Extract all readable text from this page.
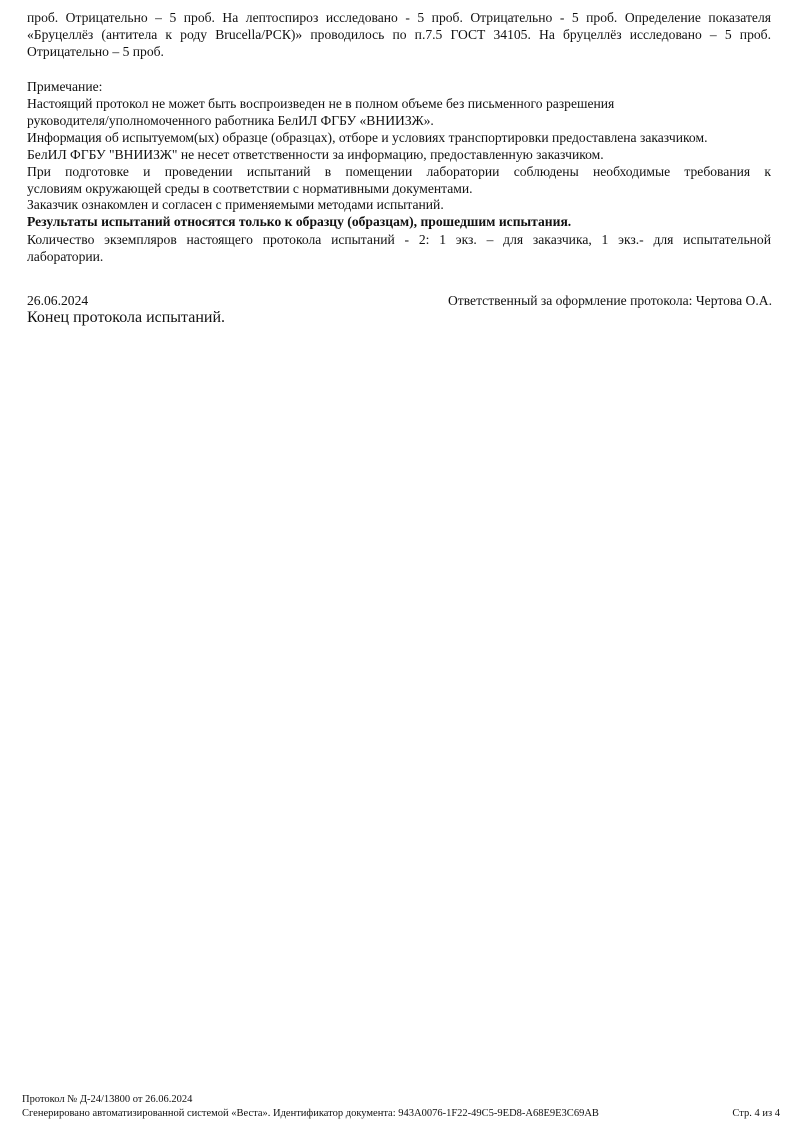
проб. Отрицательно – 5 проб. На лептоспироз исследовано - 5 проб. Отрицательно - 5 проб. Определение показателя
«Бруцеллёз (антитела к роду Brucella/РСК)» проводилось по п.7.5 ГОСТ 34105. На бруцеллёз исследовано – 5 проб.
Отрицательно – 5 проб.
Примечание:
Настоящий протокол не может быть воспроизведен не в полном объеме без письменного разрешения
руководителя/уполномоченного работника БелИЛ ФГБУ «ВНИИЗЖ».
Информация об испытуемом(ых) образце (образцах), отборе и условиях транспортировки предоставлена заказчиком.
БелИЛ ФГБУ "ВНИИЗЖ" не несет ответственности за информацию, предоставленную заказчиком.
При подготовке и проведении испытаний в помещении лаборатории соблюдены необходимые требования к
условиям окружающей среды в соответствии с нормативными документами.
Заказчик ознакомлен и согласен с применяемыми методами испытаний.
Результаты испытаний относятся только к образцу (образцам), прошедшим испытания.
Количество экземпляров настоящего протокола испытаний - 2: 1 экз. – для заказчика, 1 экз.- для испытательной
лаборатории.
26.06.2024	Ответственный за оформление протокола: Чертова О.А.
Конец протокола испытаний.
Протокол № Д-24/13800 от 26.06.2024
Сгенерировано автоматизированной системой «Веста». Идентификатор документа: 943A0076-1F22-49C5-9ED8-A68E9E3C69AB	Стр. 4 из 4
